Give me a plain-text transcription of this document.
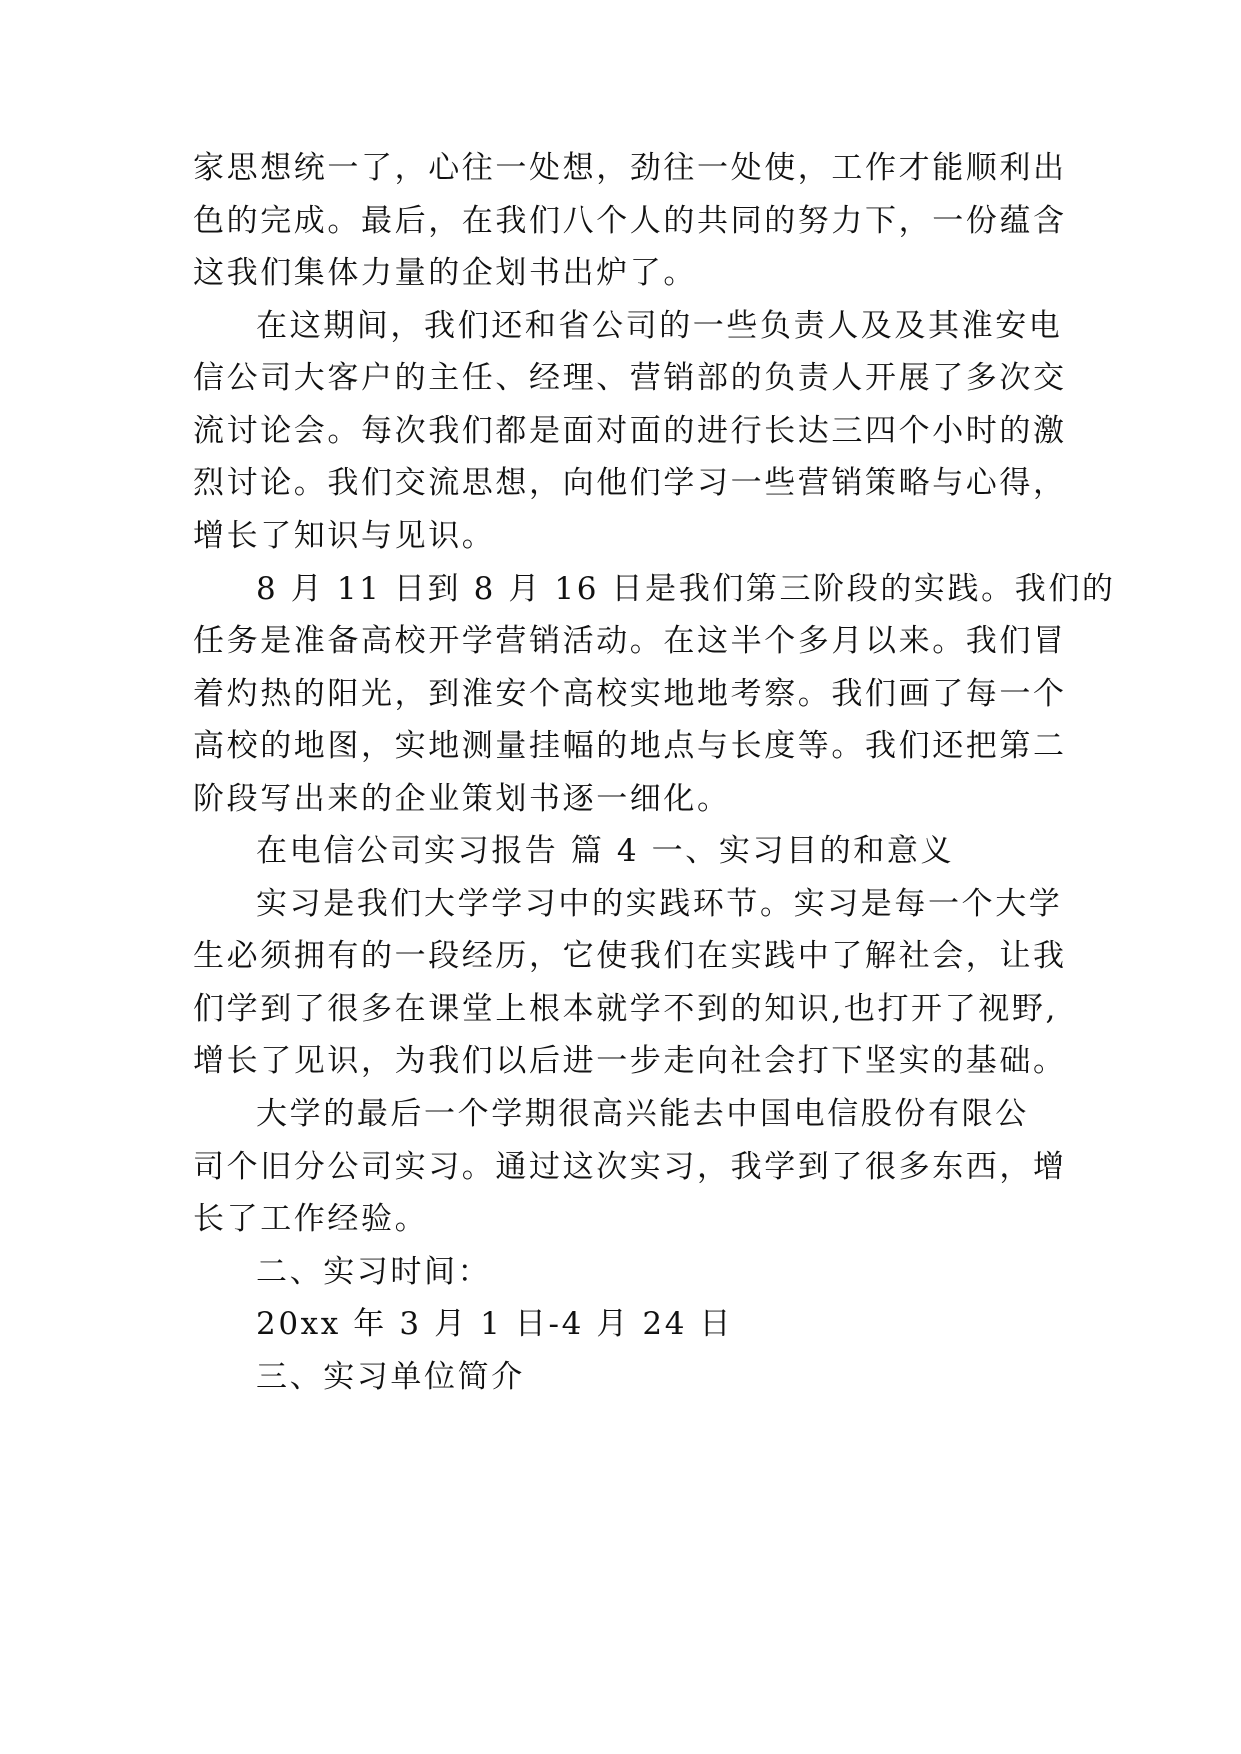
家思想统一了，心往一处想，劲往一处使，工作才能顺利出
色的完成。最后，在我们八个人的共同的努力下，一份蕴含
这我们集体力量的企划书出炉了。
在这期间，我们还和省公司的一些负责人及及其淮安电
信公司大客户的主任、经理、营销部的负责人开展了多次交
流讨论会。每次我们都是面对面的进行长达三四个小时的激
烈讨论。我们交流思想，向他们学习一些营销策略与心得，
增长了知识与见识。
8 月 11 日到 8 月 16 日是我们第三阶段的实践。我们的
任务是准备高校开学营销活动。在这半个多月以来。我们冒
着灼热的阳光，到淮安个高校实地地考察。我们画了每一个
高校的地图，实地测量挂幅的地点与长度等。我们还把第二
阶段写出来的企业策划书逐一细化。
在电信公司实习报告 篇 4 一、实习目的和意义
实习是我们大学学习中的实践环节。实习是每一个大学
生必须拥有的一段经历，它使我们在实践中了解社会，让我
们学到了很多在课堂上根本就学不到的知识,也打开了视野,
增长了见识，为我们以后进一步走向社会打下坚实的基础。
大学的最后一个学期很高兴能去中国电信股份有限公
司个旧分公司实习。通过这次实习，我学到了很多东西，增
长了工作经验。
二、实习时间：
20xx 年 3 月 1 日-4 月 24 日
三、实习单位简介
